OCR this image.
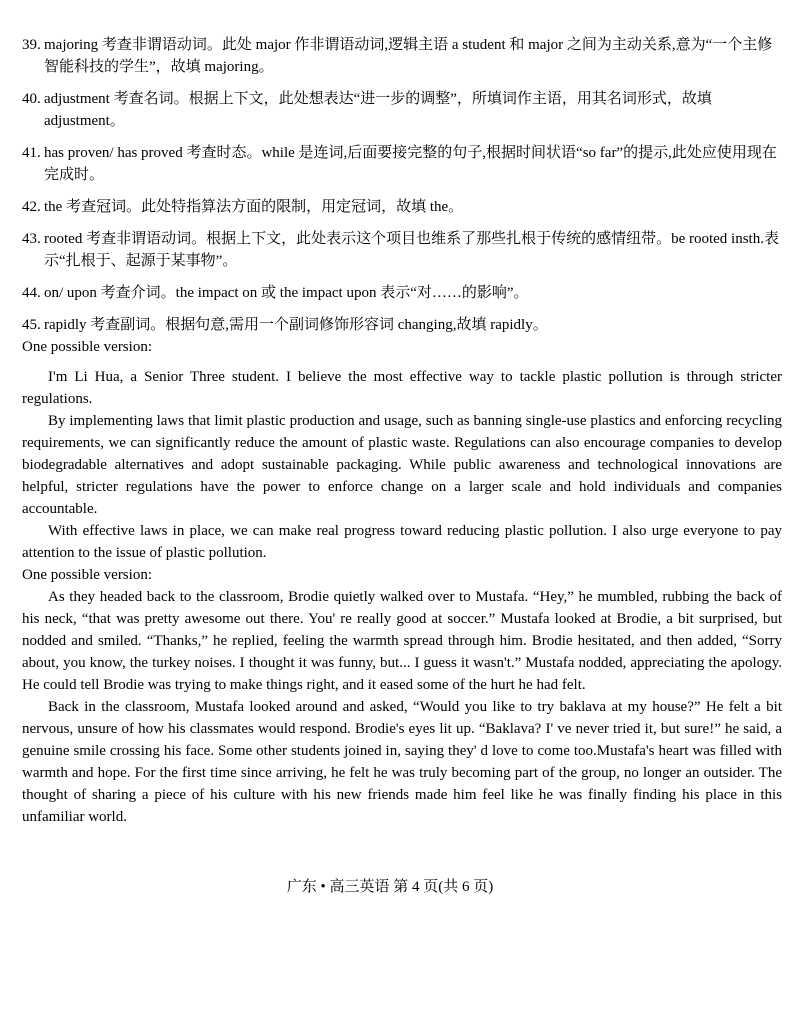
39. majoring 考查非谓语动词。此处 major 作非谓语动词,逻辑主语 a student 和 major 之间为主动关系,意为“一个主修智能科技的学生”，故填 majoring。
40. adjustment 考查名词。根据上下文，此处想表达“进一步的调整”，所填词作主语，用其名词形式，故填 adjustment。
41. has proven/ has proved 考查时态。while 是连词,后面要接完整的句子,根据时间状语“so far”的提示,此处应使用现在完成时。
42. the 考查冠词。此处特指算法方面的限制，用定冠词，故填 the。
43. rooted 考查非谓语动词。根据上下文，此处表示这个项目也维系了那些扎根于传统的感情纽带。be rooted insth.表示“扎根于、起源于某事物”。
44. on/ upon 考查介词。the impact on 或 the impact upon 表示“对……的影响”。
45. rapidly 考查副词。根据句意,需用一个副词修饰形容词 changing,故填 rapidly。

One possible version:

I'm Li Hua, a Senior Three student. I believe the most effective way to tackle plastic pollution is through stricter regulations.

By implementing laws that limit plastic production and usage, such as banning single-use plastics and enforcing recycling requirements, we can significantly reduce the amount of plastic waste. Regulations can also encourage companies to develop biodegradable alternatives and adopt sustainable packaging. While public awareness and technological innovations are helpful, stricter regulations have the power to enforce change on a larger scale and hold individuals and companies accountable.

With effective laws in place, we can make real progress toward reducing plastic pollution. I also urge everyone to pay attention to the issue of plastic pollution.

One possible version:

As they headed back to the classroom, Brodie quietly walked over to Mustafa. “Hey,” he mumbled, rubbing the back of his neck, “that was pretty awesome out there. You' re really good at soccer.” Mustafa looked at Brodie, a bit surprised, but nodded and smiled. “Thanks,” he replied, feeling the warmth spread through him. Brodie hesitated, and then added, “Sorry about, you know, the turkey noises. I thought it was funny, but... I guess it wasn't.” Mustafa nodded, appreciating the apology. He could tell Brodie was trying to make things right, and it eased some of the hurt he had felt.

Back in the classroom, Mustafa looked around and asked, “Would you like to try baklava at my house?” He felt a bit nervous, unsure of how his classmates would respond. Brodie's eyes lit up. “Baklava? I' ve never tried it, but sure!” he said, a genuine smile crossing his face. Some other students joined in, saying they' d love to come too.Mustafa's heart was filled with warmth and hope. For the first time since arriving, he felt he was truly becoming part of the group, no longer an outsider. The thought of sharing a piece of his culture with his new friends made him feel like he was finally finding his place in this unfamiliar world.

广东 • 高三英语 第 4 页(共 6 页)
